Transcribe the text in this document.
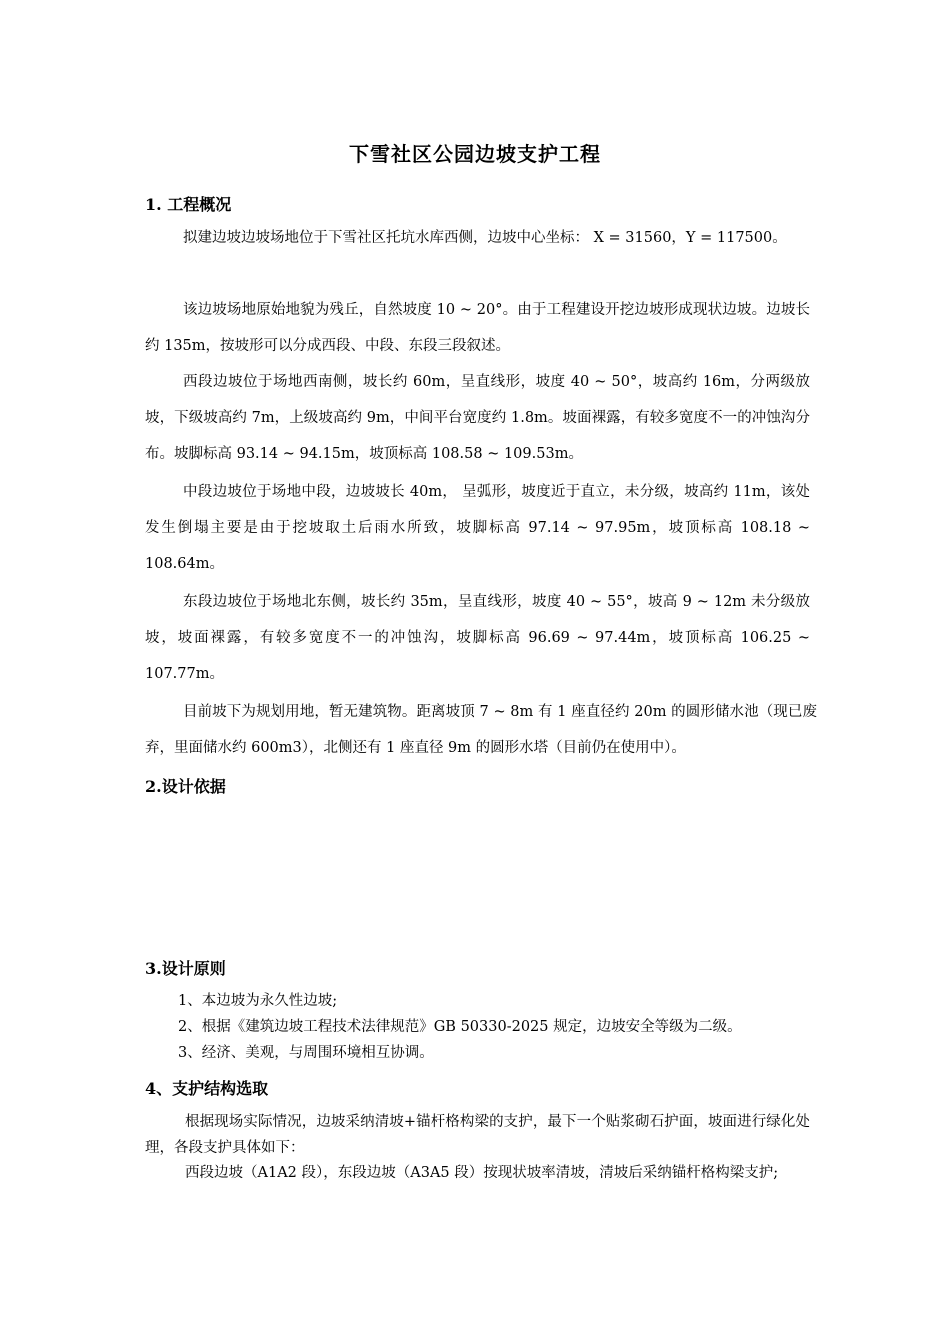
下雪社区公园边坡支护工程
1. 工程概况
拟建边坡边坡场地位于下雪社区托坑水库西侧，边坡中心坐标： X = 31560，Y = 117500。
该边坡场地原始地貌为残丘，自然坡度 10 ~ 20°。由于工程建设开挖边坡形成现状边坡。边坡长约 135m，按坡形可以分成西段、中段、东段三段叙述。
西段边坡位于场地西南侧，坡长约 60m，呈直线形，坡度 40 ~ 50°，坡高约 16m，分两级放坡，下级坡高约 7m，上级坡高约 9m，中间平台宽度约 1.8m。坡面裸露，有较多宽度不一的冲蚀沟分布。坡脚标高 93.14 ~ 94.15m，坡顶标高 108.58 ~ 109.53m。
中段边坡位于场地中段，边坡坡长 40m， 呈弧形，坡度近于直立，未分级，坡高约 11m，该处发生倒塌主要是由于挖坡取土后雨水所致，坡脚标高 97.14 ~ 97.95m，坡顶标高 108.18 ~ 108.64m。
东段边坡位于场地北东侧，坡长约 35m，呈直线形，坡度 40 ~ 55°，坡高 9 ~ 12m 未分级放坡，坡面裸露，有较多宽度不一的冲蚀沟，坡脚标高 96.69 ~ 97.44m，坡顶标高 106.25 ~ 107.77m。
目前坡下为规划用地，暂无建筑物。距离坡顶 7 ~ 8m 有 1 座直径约 20m 的圆形储水池（现已废弃，里面储水约 600m3），北侧还有 1 座直径 9m 的圆形水塔（目前仍在使用中）。
2.设计依据
3.设计原则
1、本边坡为永久性边坡;
2、根据《建筑边坡工程技术法律规范》GB 50330-2025 规定，边坡安全等级为二级。
3、经济、美观，与周围环境相互协调。
4、支护结构选取
根据现场实际情况，边坡采纳清坡+锚杆格构梁的支护，最下一个贴浆砌石护面，坡面进行绿化处理，各段支护具体如下：
西段边坡（A1A2 段），东段边坡（A3A5 段）按现状坡率清坡，清坡后采纳锚杆格构梁支护;
